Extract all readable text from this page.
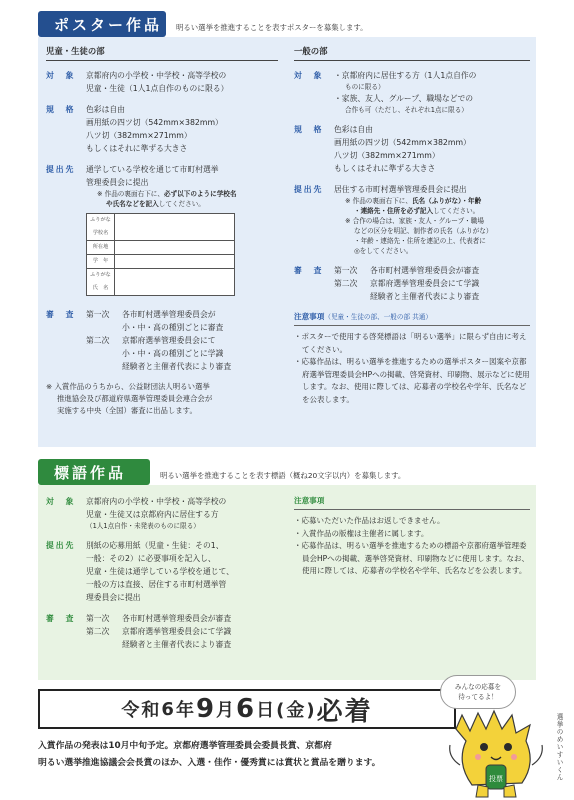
ポスター作品 明るい選挙を推進することを表すポスターを募集します。
児童・生徒の部
対　象	京都府内の小学校・中学校・高等学校の
児童・生徒（1人1点自作のものに限る）
規　格	色彩は自由
画用紙の四ツ切（542mm×382mm）
八ツ切（382mm×271mm）
もしくはそれに準ずる大きさ
提出先	通学している学校を通じて市町村選挙
管理委員会に提出
※ 作品の裏面右下に、必ず以下のように学校名
や氏名などを記入してください。
ふりがな 学校名	
所在地	
学　年	
ふりがな 氏　名	
審　査	第一次	各市町村選挙管理委員会が
小・中・高の種別ごとに審査
第二次	京都府選挙管理委員会にて
小・中・高の種別ごとに学識
経験者と主催者代表により審査
※ 入賞作品のうちから、公益財団法人明るい選挙
推進協会及び都道府県選挙管理委員会連合会が
実施する中央（全国）審査に出品します。
一般の部
対　象	・京都府内に居住する方（1人1点自作の
ものに限る）
・家族、友人、グループ、職場などでの
合作も可（ただし、それぞれ1点に限る）
規　格	色彩は自由
画用紙の四ツ切（542mm×382mm）
八ツ切（382mm×271mm）
もしくはそれに準ずる大きさ
提出先	居住する市町村選挙管理委員会に提出
※ 作品の裏面右下に、氏名（ふりがな）・年齢
・連絡先・住所を必ず記入してください。
※ 合作の場合は、家族・友人・グループ・職場
などの区分を明記、制作者の氏名（ふりがな）
・年齢・連絡先・住所を連記の上、代表者に
◎をしてください。
審　査	第一次	各市町村選挙管理委員会が審査
第二次	京都府選挙管理委員会にて学識
経験者と主催者代表により審査
注意事項（児童・生徒の部、一般の部 共通）
・ポスターで使用する啓発標語は「明るい選挙」に限らず自由に考えてください。
・応募作品は、明るい選挙を推進するための選挙ポスター図案や京都府選挙管理委員会HPへの掲載、啓発資材、印刷物、展示などに使用します。なお、使用に際しては、応募者の学校名や学年、氏名などを公表します。
標語作品	明るい選挙を推進することを表す標語（概ね20文字以内）を募集します。
対　象	京都府内の小学校・中学校・高等学校の
児童・生徒又は京都府内に居住する方
（1人1点自作・未発表のものに限る）
提出先	別紙の応募用紙（児童・生徒：その1、
一般：その2）に必要事項を記入し、
児童・生徒は通学している学校を通じて、
一般の方は直接、居住する市町村選挙管
理委員会に提出
審　査	第一次	各市町村選挙管理委員会が審査
第二次	京都府選挙管理委員会にて学識
経験者と主催者代表により審査
注意事項
・応募いただいた作品はお返しできません。
・入賞作品の版権は主催者に属します。
・応募作品は、明るい選挙を推進するための標語や京都府選挙管理委員会HPへの掲載、選挙啓発資材、印刷物などに使用します。なお、使用に際しては、応募者の学校名や学年、氏名などを公表します。
令和 6 年 9 月 6 日 (金) 必着
入賞作品の発表は10月中旬予定。京都府選挙管理委員会委員長賞、京都府
明るい選挙推進協議会会長賞のほか、入選・佳作・優秀賞には賞状と賞品を贈ります。
みんなの応募を
待ってるよ！
投票	選挙のめいすいくん
